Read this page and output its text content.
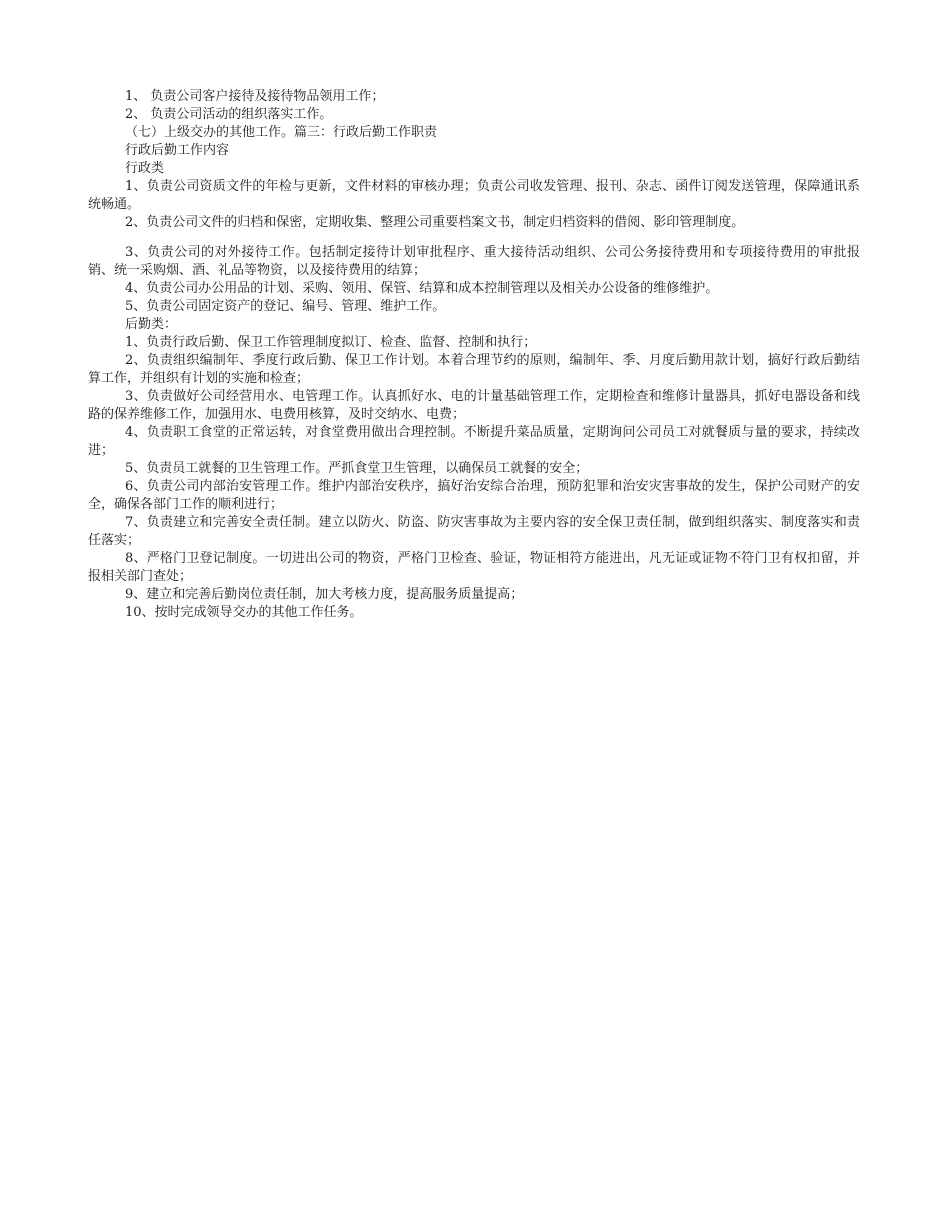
1、 负责公司客户接待及接待物品领用工作；

2、 负责公司活动的组织落实工作。

（七）上级交办的其他工作。篇三：行政后勤工作职责

行政后勤工作内容

行政类

1、负责公司资质文件的年检与更新，文件材料的审核办理；负责公司收发管理、报刊、杂志、函件订阅发送管理，保障通讯系统畅通。

2、负责公司文件的归档和保密，定期收集、整理公司重要档案文书，制定归档资料的借阅、影印管理制度。

3、负责公司的对外接待工作。包括制定接待计划审批程序、重大接待活动组织、公司公务接待费用和专项接待费用的审批报销、统一采购烟、酒、礼品等物资，以及接待费用的结算；

4、负责公司办公用品的计划、采购、领用、保管、结算和成本控制管理以及相关办公设备的维修维护。

5、负责公司固定资产的登记、编号、管理、维护工作。

后勤类：

1、负责行政后勤、保卫工作管理制度拟订、检查、监督、控制和执行；

2、负责组织编制年、季度行政后勤、保卫工作计划。本着合理节约的原则，编制年、季、月度后勤用款计划，搞好行政后勤结算工作，并组织有计划的实施和检查；

3、负责做好公司经营用水、电管理工作。认真抓好水、电的计量基础管理工作，定期检查和维修计量器具，抓好电器设备和线路的保养维修工作，加强用水、电费用核算，及时交纳水、电费；

4、负责职工食堂的正常运转，对食堂费用做出合理控制。不断提升菜品质量，定期询问公司员工对就餐质与量的要求，持续改进；

5、负责员工就餐的卫生管理工作。严抓食堂卫生管理，以确保员工就餐的安全；

6、负责公司内部治安管理工作。维护内部治安秩序，搞好治安综合治理，预防犯罪和治安灾害事故的发生，保护公司财产的安全，确保各部门工作的顺利进行；

7、负责建立和完善安全责任制。建立以防火、防盗、防灾害事故为主要内容的安全保卫责任制，做到组织落实、制度落实和责任落实；

8、严格门卫登记制度。一切进出公司的物资，严格门卫检查、验证，物证相符方能进出，凡无证或证物不符门卫有权扣留，并报相关部门查处；

9、建立和完善后勤岗位责任制，加大考核力度，提高服务质量提高；

10、按时完成领导交办的其他工作任务。
